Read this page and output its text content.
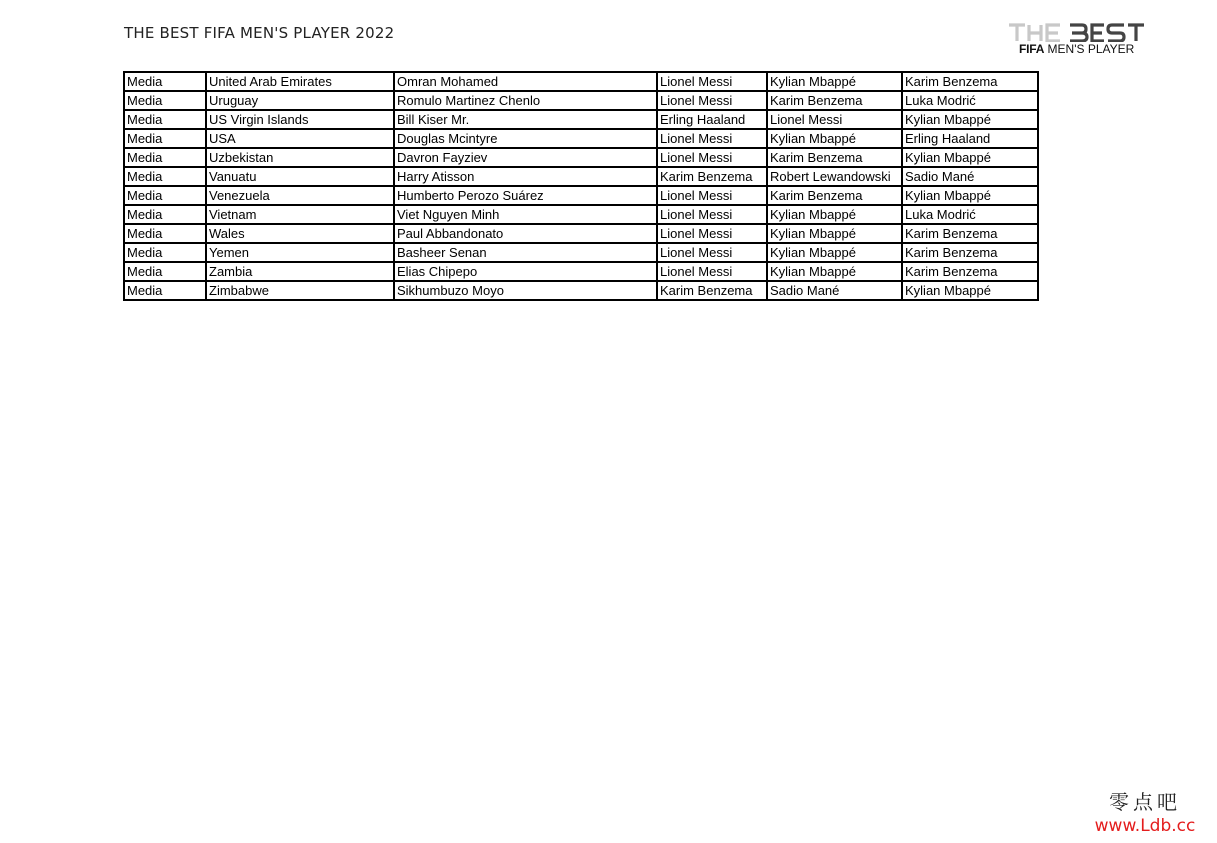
THE BEST FIFA MEN'S PLAYER 2022
FIFA MEN'S PLAYER
Media	United Arab Emirates	Omran Mohamed	Lionel Messi	Kylian Mbappé	Karim Benzema
Media	Uruguay	Romulo Martinez Chenlo	Lionel Messi	Karim Benzema	Luka Modrić
Media	US Virgin Islands	Bill Kiser Mr.	Erling Haaland	Lionel Messi	Kylian Mbappé
Media	USA	Douglas Mcintyre	Lionel Messi	Kylian Mbappé	Erling Haaland
Media	Uzbekistan	Davron Fayziev	Lionel Messi	Karim Benzema	Kylian Mbappé
Media	Vanuatu	Harry Atisson	Karim Benzema	Robert Lewandowski	Sadio Mané
Media	Venezuela	Humberto Perozo Suárez	Lionel Messi	Karim Benzema	Kylian Mbappé
Media	Vietnam	Viet Nguyen Minh	Lionel Messi	Kylian Mbappé	Luka Modrić
Media	Wales	Paul Abbandonato	Lionel Messi	Kylian Mbappé	Karim Benzema
Media	Yemen	Basheer Senan	Lionel Messi	Kylian Mbappé	Karim Benzema
Media	Zambia	Elias Chipepo	Lionel Messi	Kylian Mbappé	Karim Benzema
Media	Zimbabwe	Sikhumbuzo Moyo	Karim Benzema	Sadio Mané	Kylian Mbappé
零点吧
www.Ldb.cc
